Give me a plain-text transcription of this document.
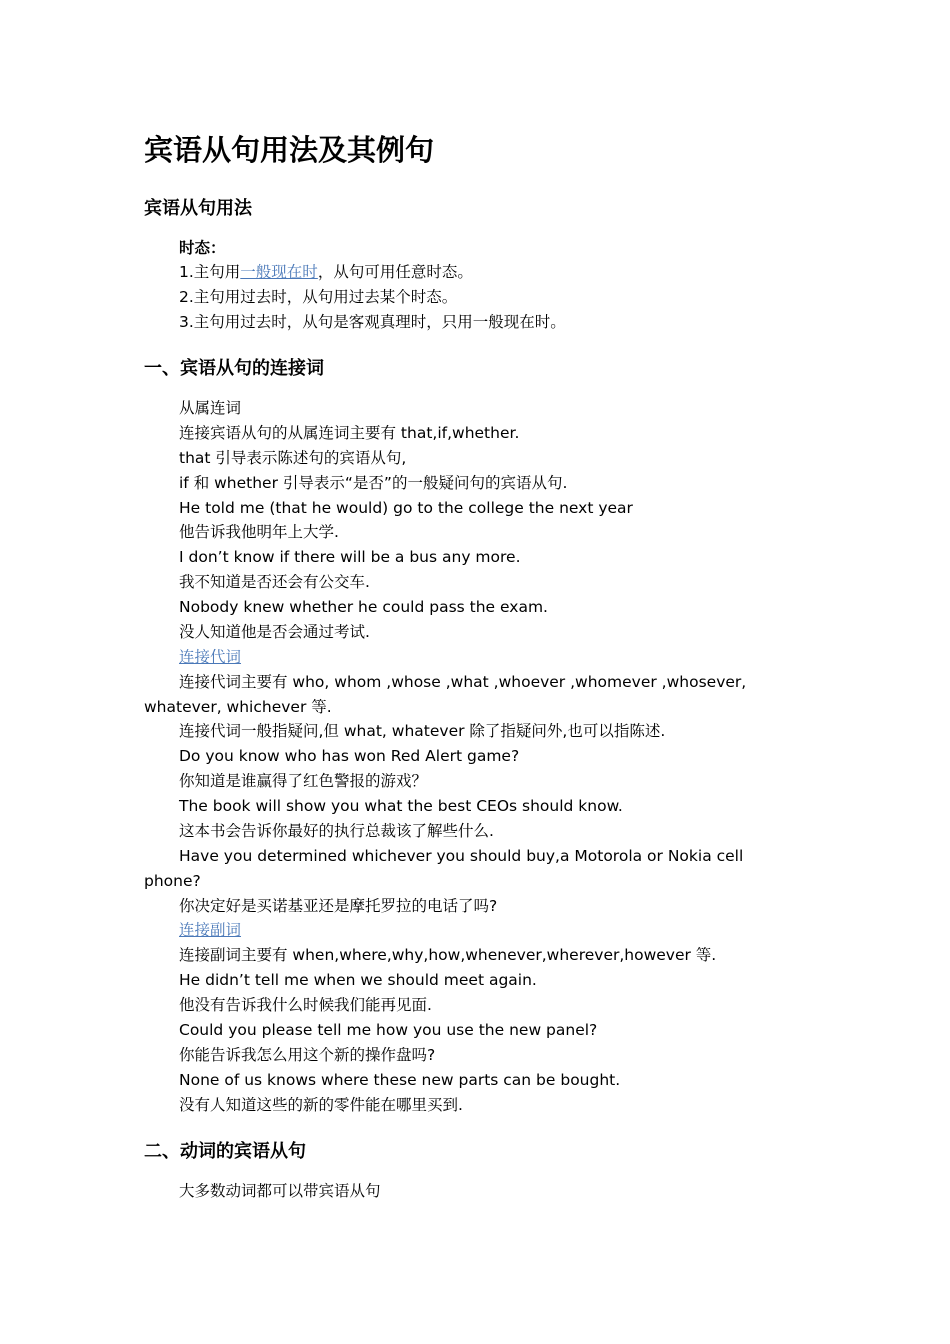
宾语从句用法及其例句
宾语从句用法
时态：
1.主句用一般现在时，从句可用任意时态。
2.主句用过去时，从句用过去某个时态。
3.主句用过去时，从句是客观真理时，只用一般现在时。
一、宾语从句的连接词
从属连词
连接宾语从句的从属连词主要有 that,if,whether.
that 引导表示陈述句的宾语从句,
if 和 whether 引导表示“是否”的一般疑问句的宾语从句.
He told me (that he would) go to the college the next year
他告诉我他明年上大学.
I don’t know if there will be a bus any more.
我不知道是否还会有公交车.
Nobody knew whether he could pass the exam.
没人知道他是否会通过考试.
连接代词
连接代词主要有 who, whom ,whose ,what ,whoever ,whomever ,whosever,
whatever, whichever 等.
连接代词一般指疑问,但 what, whatever 除了指疑问外,也可以指陈述.
Do you know who has won Red Alert game?
你知道是谁赢得了红色警报的游戏？
The book will show you what the best CEOs should know.
这本书会告诉你最好的执行总裁该了解些什么.
Have you determined whichever you should buy,a Motorola or Nokia cell
phone?
你决定好是买诺基亚还是摩托罗拉的电话了吗?
连接副词
连接副词主要有 when,where,why,how,whenever,wherever,however 等.
He didn’t tell me when we should meet again.
他没有告诉我什么时候我们能再见面.
Could you please tell me how you use the new panel?
你能告诉我怎么用这个新的操作盘吗?
None of us knows where these new parts can be bought.
没有人知道这些的新的零件能在哪里买到.
二、动词的宾语从句
大多数动词都可以带宾语从句
